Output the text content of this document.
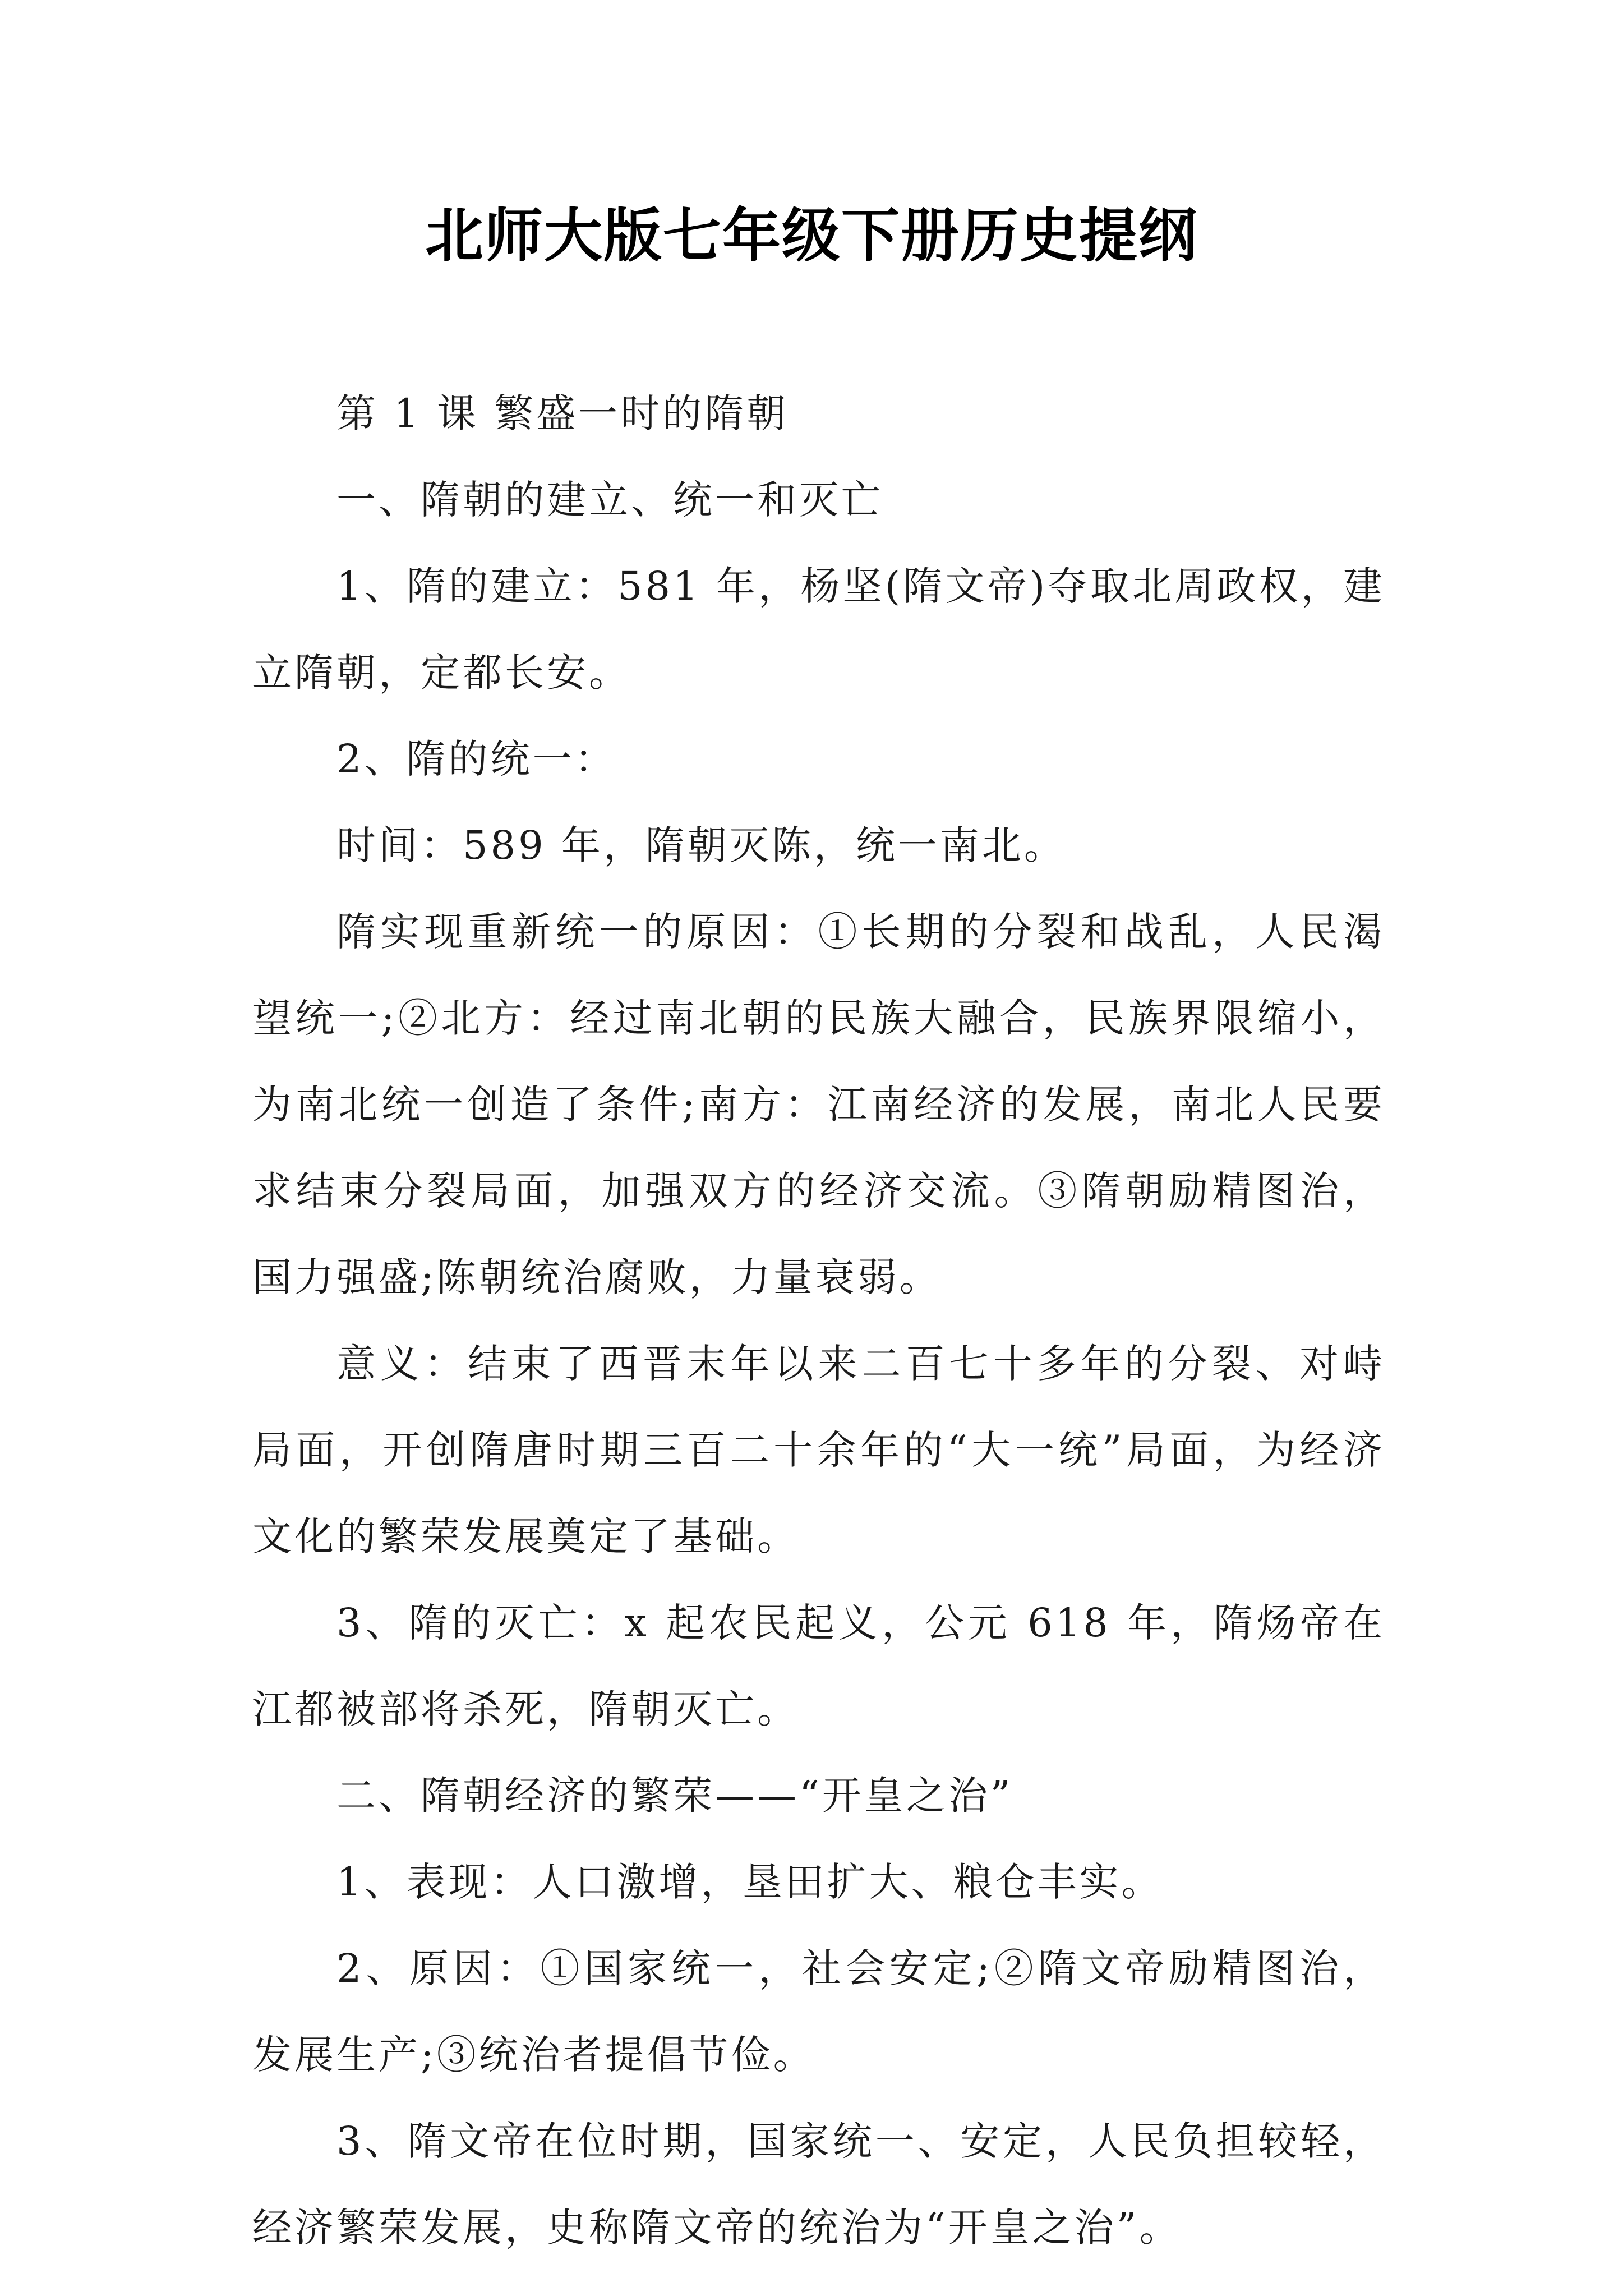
北师大版七年级下册历史提纲

第 1 课 繁盛一时的隋朝

一、隋朝的建立、统一和灭亡

1、隋的建立：581 年，杨坚(隋文帝)夺取北周政权，建立隋朝，定都长安。

2、隋的统一：

时间：589 年，隋朝灭陈，统一南北。

隋实现重新统一的原因：①长期的分裂和战乱，人民渴望统一;②北方：经过南北朝的民族大融合，民族界限缩小，为南北统一创造了条件;南方：江南经济的发展，南北人民要求结束分裂局面，加强双方的经济交流。③隋朝励精图治，国力强盛;陈朝统治腐败，力量衰弱。

意义：结束了西晋末年以来二百七十多年的分裂、对峙局面，开创隋唐时期三百二十余年的“大一统”局面，为经济文化的繁荣发展奠定了基础。

3、隋的灭亡：x 起农民起义，公元 618 年，隋炀帝在江都被部将杀死，隋朝灭亡。

二、隋朝经济的繁荣——“开皇之治”

1、表现：人口激增，垦田扩大、粮仓丰实。

2、原因：①国家统一，社会安定;②隋文帝励精图治，发展生产;③统治者提倡节俭。

3、隋文帝在位时期，国家统一、安定，人民负担较轻，经济繁荣发展，史称隋文帝的统治为“开皇之治”。
